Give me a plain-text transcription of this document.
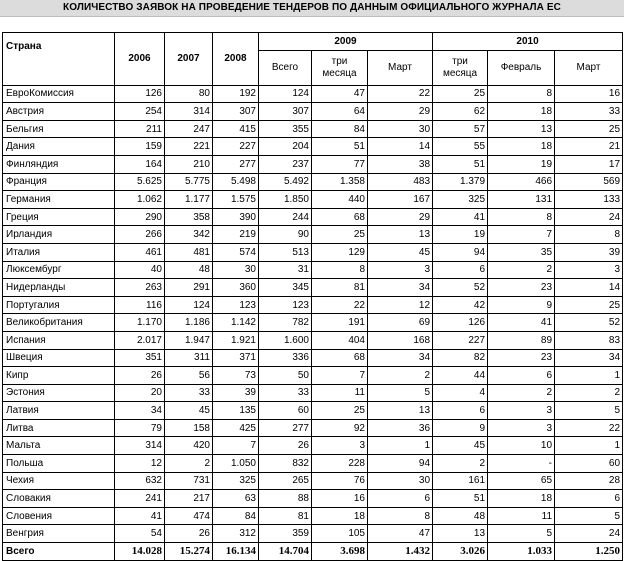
КОЛИЧЕСТВО ЗАЯВОК НА ПРОВЕДЕНИЕ ТЕНДЕРОВ ПО ДАННЫМ ОФИЦИАЛЬНОГО ЖУРНАЛА ЕС
Страна	2006	2007	2008	2009			2010		
				Всего	три месяца	Март	три месяца	Февраль	Март
ЕвроКомиссия	126	80	192	124	47	22	25	8	16
Австрия	254	314	307	307	64	29	62	18	33
Бельгия	211	247	415	355	84	30	57	13	25
Дания	159	221	227	204	51	14	55	18	21
Финляндия	164	210	277	237	77	38	51	19	17
Франция	5.625	5.775	5.498	5.492	1.358	483	1.379	466	569
Германия	1.062	1.177	1.575	1.850	440	167	325	131	133
Греция	290	358	390	244	68	29	41	8	24
Ирландия	266	342	219	90	25	13	19	7	8
Италия	461	481	574	513	129	45	94	35	39
Люксембург	40	48	30	31	8	3	6	2	3
Нидерланды	263	291	360	345	81	34	52	23	14
Португалия	116	124	123	123	22	12	42	9	25
Великобритания	1.170	1.186	1.142	782	191	69	126	41	52
Испания	2.017	1.947	1.921	1.600	404	168	227	89	83
Швеция	351	311	371	336	68	34	82	23	34
Кипр	26	56	73	50	7	2	44	6	1
Эстония	20	33	39	33	11	5	4	2	2
Латвия	34	45	135	60	25	13	6	3	5
Литва	79	158	425	277	92	36	9	3	22
Мальта	314	420	7	26	3	1	45	10	1
Польша	12	2	1.050	832	228	94	2	-	60
Чехия	632	731	325	265	76	30	161	65	28
Словакия	241	217	63	88	16	6	51	18	6
Словения	41	474	84	81	18	8	48	11	5
Венгрия	54	26	312	359	105	47	13	5	24
Всего	14.028	15.274	16.134	14.704	3.698	1.432	3.026	1.033	1.250
